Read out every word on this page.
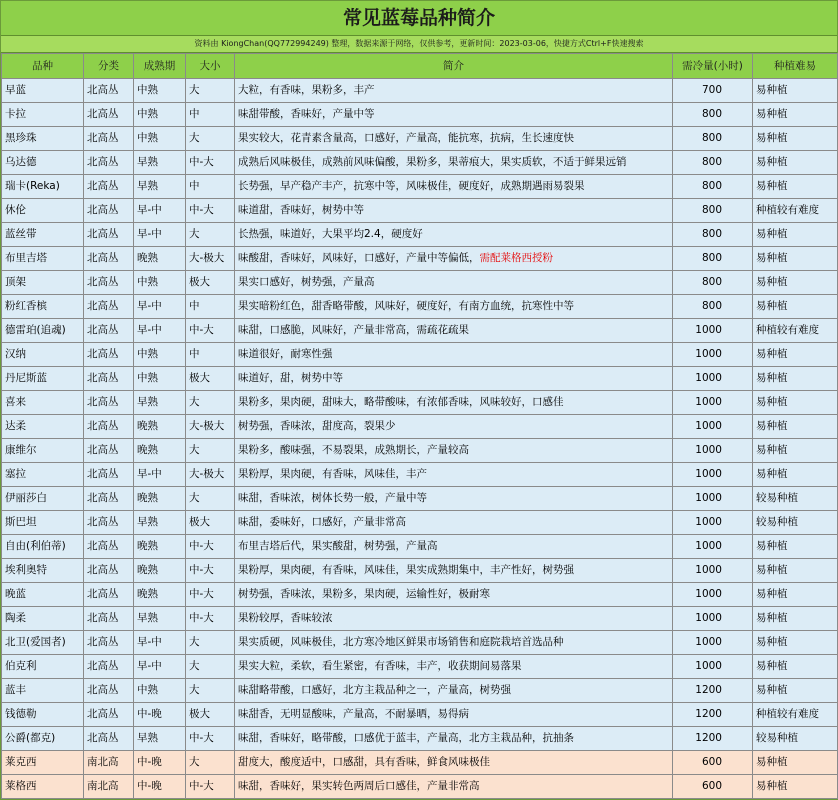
常见蓝莓品种简介
资料由 KiongChan(QQ772994249) 整理，数据来源于网络，仅供参考，更新时间：2023-03-06，快捷方式Ctrl+F快速搜索
品种	分类	成熟期	大小	简介	需冷量(小时)	种植难易
早蓝	北高丛	中熟	大	大粒，有香味，果粉多，丰产	700	易种植
卡拉	北高丛	中熟	中	味甜带酸，香味好，产量中等	800	易种植
黑珍珠	北高丛	中熟	大	果实较大，花青素含量高，口感好，产量高，能抗寒，抗病，生长速度快	800	易种植
乌达德	北高丛	早熟	中-大	成熟后风味极佳，成熟前风味偏酸，果粉多，果蒂痕大，果实质软，不适于鲜果远销	800	易种植
瑞卡(Reka)	北高丛	早熟	中	长势强，早产稳产丰产，抗寒中等，风味极佳，硬度好，成熟期遇雨易裂果	800	易种植
休伦	北高丛	早-中	中-大	味道甜，香味好，树势中等	800	种植较有难度
蓝丝带	北高丛	早-中	大	长热强，味道好，大果平均2.4，硬度好	800	易种植
布里吉塔	北高丛	晚熟	大-极大	味酸甜，香味好，风味好，口感好，产量中等偏低，需配莱格西授粉	800	易种植
顶架	北高丛	中熟	极大	果实口感好，树势强，产量高	800	易种植
粉红香槟	北高丛	早-中	中	果实暗粉红色，甜香略带酸，风味好，硬度好，有南方血统，抗寒性中等	800	易种植
德雷珀(追魂)	北高丛	早-中	中-大	味甜，口感脆，风味好，产量非常高，需疏花疏果	1000	种植较有难度
汉纳	北高丛	中熟	中	味道很好，耐寒性强	1000	易种植
丹尼斯蓝	北高丛	中熟	极大	味道好，甜，树势中等	1000	易种植
喜来	北高丛	早熟	大	果粉多，果肉硬，甜味大，略带酸味，有浓郁香味，风味较好，口感佳	1000	易种植
达柔	北高丛	晚熟	大-极大	树势强，香味浓，甜度高，裂果少	1000	易种植
康维尔	北高丛	晚熟	大	果粉多，酸味强，不易裂果，成熟期长，产量较高	1000	易种植
塞拉	北高丛	早-中	大-极大	果粉厚，果肉硬，有香味，风味佳，丰产	1000	易种植
伊丽莎白	北高丛	晚熟	大	味甜，香味浓，树体长势一般，产量中等	1000	较易种植
斯巴坦	北高丛	早熟	极大	味甜，委味好，口感好，产量非常高	1000	较易种植
自由(利伯蒂)	北高丛	晚熟	中-大	布里吉塔后代，果实酸甜，树势强，产量高	1000	易种植
埃利奥特	北高丛	晚熟	中-大	果粉厚，果肉硬，有香味，风味佳，果实成熟期集中，丰产性好，树势强	1000	易种植
晚蓝	北高丛	晚熟	中-大	树势强，香味浓，果粉多，果肉硬，运输性好，极耐寒	1000	易种植
陶柔	北高丛	早熟	中-大	果粉较厚，香味较浓	1000	易种植
北卫(爱国者)	北高丛	早-中	大	果实质硬，风味极佳，北方寒冷地区鲜果市场销售和庭院栽培首选品种	1000	易种植
伯克利	北高丛	早-中	大	果实大粒，柔软，看生紧密，有香味，丰产，收获期间易落果	1000	易种植
蓝丰	北高丛	中熟	大	味甜略带酸，口感好，北方主栽品种之一，产量高，树势强	1200	易种植
钱德勒	北高丛	中-晚	极大	味甜香，无明显酸味，产量高，不耐暴晒，易得病	1200	种植较有难度
公爵(都克)	北高丛	早熟	中-大	味甜，香味好，略带酸，口感优于蓝丰，产量高，北方主栽品种，抗抽条	1200	较易种植
莱克西	南北高	中-晚	大	甜度大，酸度适中，口感甜，具有香味，鲜食风味极佳	600	易种植
莱格西	南北高	中-晚	中-大	味甜，香味好，果实转色两周后口感佳，产量非常高	600	易种植
